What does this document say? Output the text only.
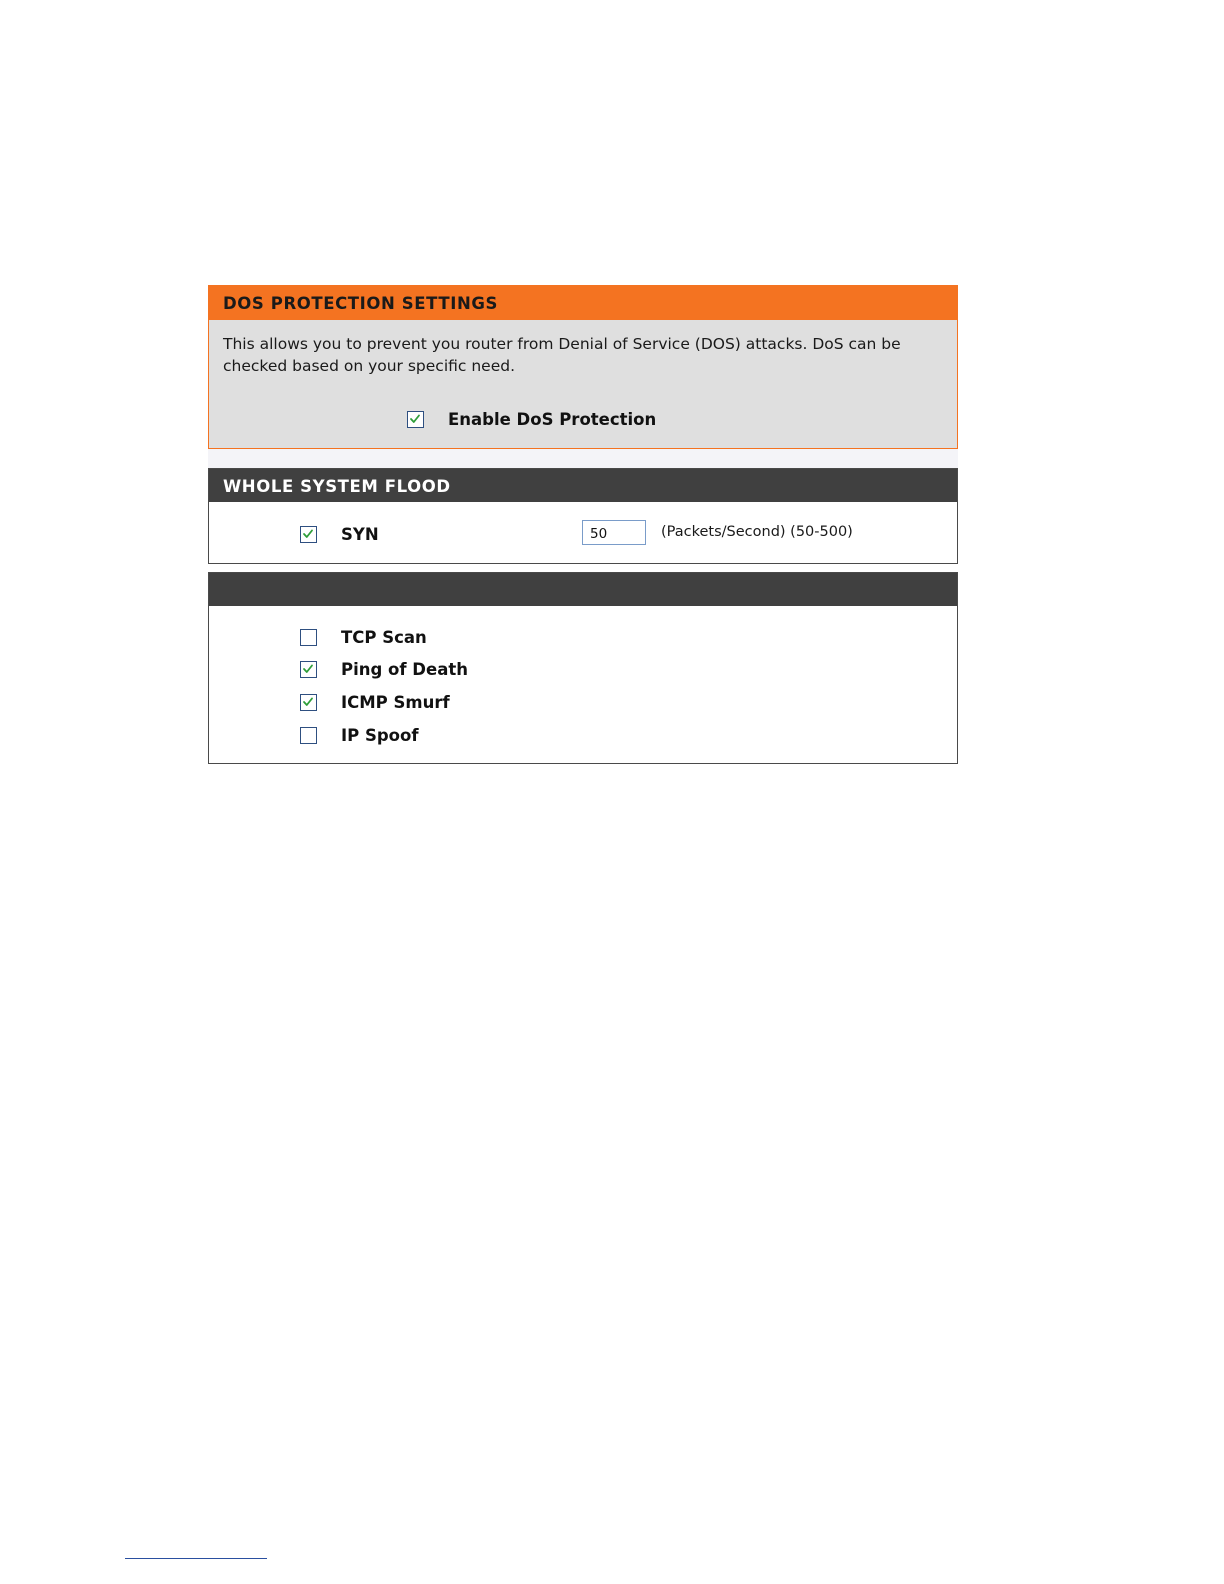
DOS PROTECTION SETTINGS
This allows you to prevent you router from Denial of Service (DOS) attacks. DoS can be checked based on your specific need.
Enable DoS Protection
WHOLE SYSTEM FLOOD
SYN
50	(Packets/Second) (50-500)
TCP Scan
Ping of Death
ICMP Smurf
IP Spoof
